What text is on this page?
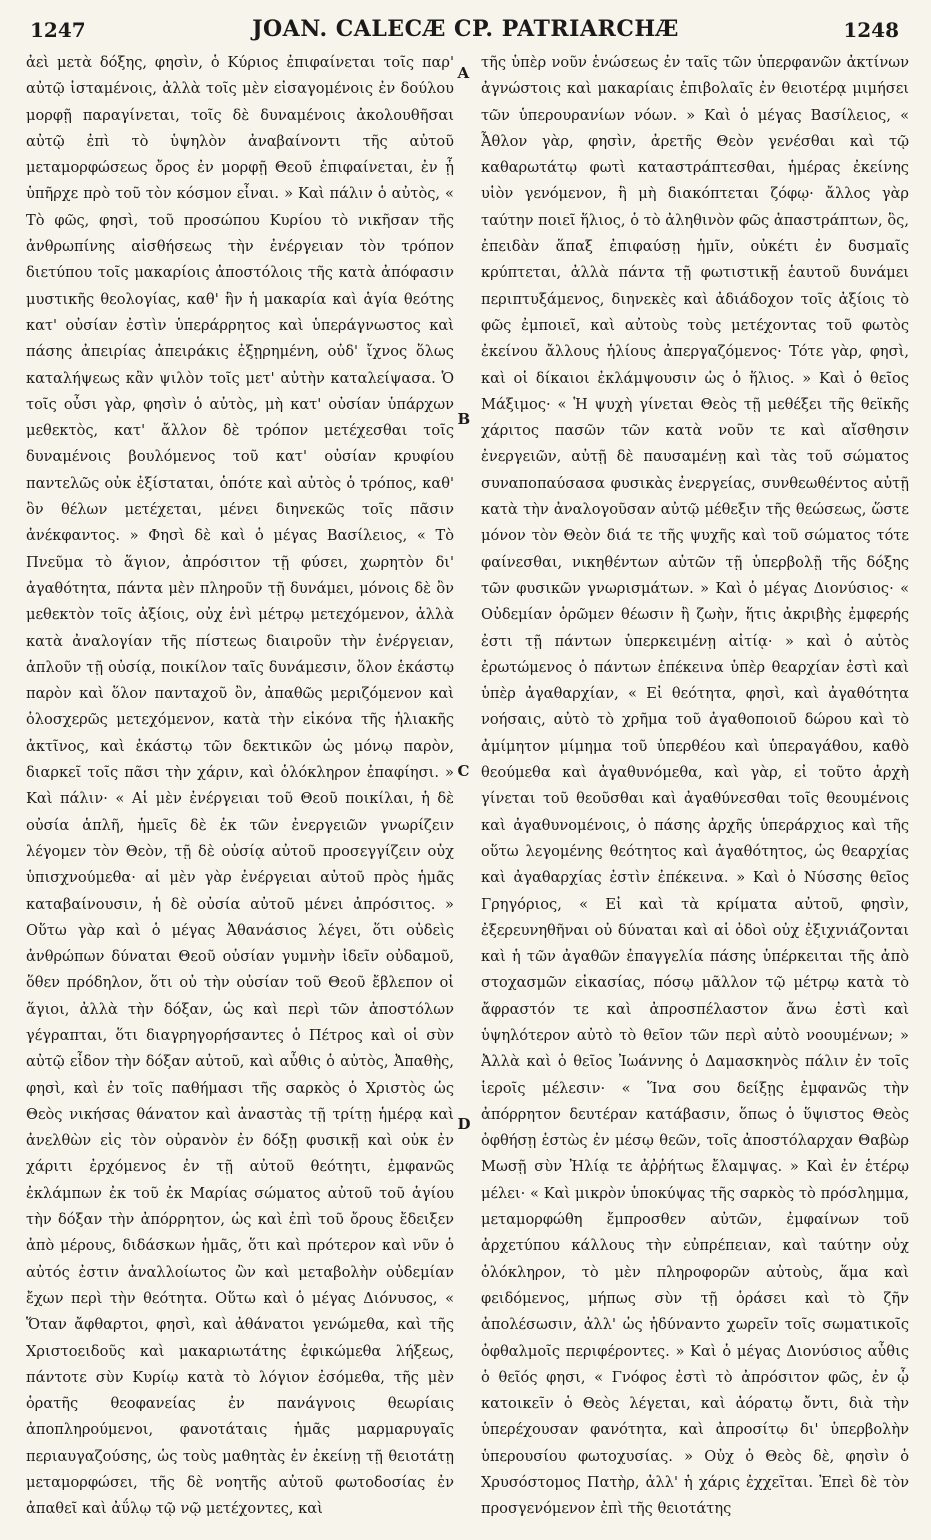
1247	JOAN. CALECÆ CP. PATRIARCHÆ	1248

ἀεὶ μετὰ δόξης, φησὶν, ὁ Κύριος ἐπιφαίνεται τοῖς παρ' αὐτῷ ἱσταμένοις, ἀλλὰ τοῖς μὲν εἰσαγομένοις ἐν δούλου μορφῇ παραγίνεται, τοῖς δὲ δυναμένοις ἀκολουθῆσαι αὐτῷ ἐπὶ τὸ ὑψηλὸν ἀναβαίνοντι τῆς αὐτοῦ μεταμορφώσεως ὄρος ἐν μορφῇ Θεοῦ ἐπιφαίνεται, ἐν ᾗ ὑπῆρχε πρὸ τοῦ τὸν κόσμον εἶναι. » Καὶ πάλιν ὁ αὐτὸς, « Τὸ φῶς, φησὶ, τοῦ προσώπου Κυρίου τὸ νικῆσαν τῆς ἀνθρωπίνης αἰσθήσεως τὴν ἐνέργειαν τὸν τρόπον διετύπου τοῖς μακαρίοις ἀποστόλοις τῆς κατὰ ἀπόφασιν μυστικῆς θεολογίας, καθ' ἣν ἡ μακαρία καὶ ἁγία θεότης κατ' οὐσίαν ἐστὶν ὑπεράρρητος καὶ ὑπεράγνωστος καὶ πάσης ἀπειρίας ἀπειράκις ἐξῃρημένη, οὐδ' ἴχνος ὅλως καταλήψεως κἂν ψιλὸν τοῖς μετ' αὐτὴν καταλείψασα. Ὁ τοῖς οὖσι γὰρ, φησὶν ὁ αὐτὸς, μὴ κατ' οὐσίαν ὑπάρχων μεθεκτὸς, κατ' ἄλλον δὲ τρόπον μετέχεσθαι τοῖς δυναμένοις βουλόμενος τοῦ κατ' οὐσίαν κρυφίου παντελῶς οὐκ ἐξίσταται, ὁπότε καὶ αὐτὸς ὁ τρόπος, καθ' ὃν θέλων μετέχεται, μένει διηνεκῶς τοῖς πᾶσιν ἀνέκφαντος. » Φησὶ δὲ καὶ ὁ μέγας Βασίλειος, « Τὸ Πνεῦμα τὸ ἅγιον, ἀπρόσιτον τῇ φύσει, χωρητὸν δι' ἀγαθότητα, πάντα μὲν πληροῦν τῇ δυνάμει, μόνοις δὲ ὂν μεθεκτὸν τοῖς ἀξίοις, οὐχ ἑνὶ μέτρῳ μετεχόμενον, ἀλλὰ κατὰ ἀναλογίαν τῆς πίστεως διαιροῦν τὴν ἐνέργειαν, ἁπλοῦν τῇ οὐσίᾳ, ποικίλον ταῖς δυνάμεσιν, ὅλον ἑκάστῳ παρὸν καὶ ὅλον πανταχοῦ ὂν, ἀπαθῶς μεριζόμενον καὶ ὁλοσχερῶς μετεχόμενον, κατὰ τὴν εἰκόνα τῆς ἡλιακῆς ἀκτῖνος, καὶ ἑκάστῳ τῶν δεκτικῶν ὡς μόνῳ παρὸν, διαρκεῖ τοῖς πᾶσι τὴν χάριν, καὶ ὁλόκληρον ἐπαφίησι. » Καὶ πάλιν· « Αἱ μὲν ἐνέργειαι τοῦ Θεοῦ ποικίλαι, ἡ δὲ οὐσία ἁπλῆ, ἡμεῖς δὲ ἐκ τῶν ἐνεργειῶν γνωρίζειν λέγομεν τὸν Θεὸν, τῇ δὲ οὐσίᾳ αὐτοῦ προσεγγίζειν οὐχ ὑπισχνούμεθα· αἱ μὲν γὰρ ἐνέργειαι αὐτοῦ πρὸς ἡμᾶς καταβαίνουσιν, ἡ δὲ οὐσία αὐτοῦ μένει ἀπρόσιτος. » Οὕτω γὰρ καὶ ὁ μέγας Ἀθανάσιος λέγει, ὅτι οὐδεὶς ἀνθρώπων δύναται Θεοῦ οὐσίαν γυμνὴν ἰδεῖν οὐδαμοῦ, ὅθεν πρόδηλον, ὅτι οὐ τὴν οὐσίαν τοῦ Θεοῦ ἔβλεπον οἱ ἅγιοι, ἀλλὰ τὴν δόξαν, ὡς καὶ περὶ τῶν ἀποστόλων γέγραπται, ὅτι διαγρηγορήσαντες ὁ Πέτρος καὶ οἱ σὺν αὐτῷ εἶδον τὴν δόξαν αὐτοῦ, καὶ αὖθις ὁ αὐτὸς, Ἀπαθὴς, φησὶ, καὶ ἐν τοῖς παθήμασι τῆς σαρκὸς ὁ Χριστὸς ὡς Θεὸς νικήσας θάνατον καὶ ἀναστὰς τῇ τρίτῃ ἡμέρᾳ καὶ ἀνελθὼν εἰς τὸν οὐρανὸν ἐν δόξῃ φυσικῇ καὶ οὐκ ἐν χάριτι ἐρχόμενος ἐν τῇ αὐτοῦ θεότητι, ἐμφανῶς ἐκλάμπων ἐκ τοῦ ἐκ Μαρίας σώματος αὐτοῦ τοῦ ἁγίου τὴν δόξαν τὴν ἀπόρρητον, ὡς καὶ ἐπὶ τοῦ ὄρους ἔδειξεν ἀπὸ μέρους, διδάσκων ἡμᾶς, ὅτι καὶ πρότερον καὶ νῦν ὁ αὐτός ἐστιν ἀναλλοίωτος ὢν καὶ μεταβολὴν οὐδεμίαν ἔχων περὶ τὴν θεότητα. Οὕτω καὶ ὁ μέγας Διόνυσος, « Ὅταν ἄφθαρτοι, φησὶ, καὶ ἀθάνατοι γενώμεθα, καὶ τῆς Χριστοειδοῦς καὶ μακαριωτάτης ἐφικώμεθα λήξεως, πάντοτε σὺν Κυρίῳ κατὰ τὸ λόγιον ἐσόμεθα, τῆς μὲν ὁρατῆς θεοφανείας ἐν πανάγνοις θεωρίαις ἀποπληρούμενοι, φανοτάταις ἡμᾶς μαρμαρυγαῖς περιαυγαζούσης, ὡς τοὺς μαθητὰς ἐν ἐκείνῃ τῇ θειοτάτῃ μεταμορφώσει, τῆς δὲ νοητῆς αὐτοῦ φωτοδοσίας ἐν ἀπαθεῖ καὶ ἀΰλῳ τῷ νῷ μετέχοντες, καὶ

A
B
C
D

τῆς ὑπὲρ νοῦν ἑνώσεως ἐν ταῖς τῶν ὑπερφανῶν ἀκτίνων ἀγνώστοις καὶ μακαρίαις ἐπιβολαῖς ἐν θειοτέρᾳ μιμήσει τῶν ὑπερουρανίων νόων. » Καὶ ὁ μέγας Βασίλειος, « Ἆθλον γὰρ, φησὶν, ἀρετῆς Θεὸν γενέσθαι καὶ τῷ καθαρωτάτῳ φωτὶ καταστράπτεσθαι, ἡμέρας ἐκείνης υἱὸν γενόμενον, ἣ μὴ διακόπτεται ζόφῳ· ἄλλος γὰρ ταύτην ποιεῖ ἥλιος, ὁ τὸ ἀληθινὸν φῶς ἀπαστράπτων, ὃς, ἐπειδὰν ἅπαξ ἐπιφαύσῃ ἡμῖν, οὐκέτι ἐν δυσμαῖς κρύπτεται, ἀλλὰ πάντα τῇ φωτιστικῇ ἑαυτοῦ δυνάμει περιπτυξάμενος, διηνεκὲς καὶ ἀδιάδοχον τοῖς ἀξίοις τὸ φῶς ἐμποιεῖ, καὶ αὐτοὺς τοὺς μετέχοντας τοῦ φωτὸς ἐκείνου ἄλλους ἡλίους ἀπεργαζόμενος· Τότε γὰρ, φησὶ, καὶ οἱ δίκαιοι ἐκλάμψουσιν ὡς ὁ ἥλιος. » Καὶ ὁ θεῖος Μάξιμος· « Ἡ ψυχὴ γίνεται Θεὸς τῇ μεθέξει τῆς θεϊκῆς χάριτος πασῶν τῶν κατὰ νοῦν τε καὶ αἴσθησιν ἐνεργειῶν, αὐτῇ δὲ παυσαμένῃ καὶ τὰς τοῦ σώματος συναποπαύσασα φυσικὰς ἐνεργείας, συνθεωθέντος αὐτῇ κατὰ τὴν ἀναλογοῦσαν αὐτῷ μέθεξιν τῆς θεώσεως, ὥστε μόνον τὸν Θεὸν διά τε τῆς ψυχῆς καὶ τοῦ σώματος τότε φαίνεσθαι, νικηθέντων αὐτῶν τῇ ὑπερβολῇ τῆς δόξης τῶν φυσικῶν γνωρισμάτων. » Καὶ ὁ μέγας Διονύσιος· « Οὐδεμίαν ὁρῶμεν θέωσιν ἢ ζωὴν, ἥτις ἀκριβὴς ἐμφερής ἐστι τῇ πάντων ὑπερκειμένῃ αἰτίᾳ· » καὶ ὁ αὐτὸς ἐρωτώμενος ὁ πάντων ἐπέκεινα ὑπὲρ θεαρχίαν ἐστὶ καὶ ὑπὲρ ἀγαθαρχίαν, « Εἰ θεότητα, φησὶ, καὶ ἀγαθότητα νοήσαις, αὐτὸ τὸ χρῆμα τοῦ ἀγαθοποιοῦ δώρου καὶ τὸ ἀμίμητον μίμημα τοῦ ὑπερθέου καὶ ὑπεραγάθου, καθὸ θεούμεθα καὶ ἀγαθυνόμεθα, καὶ γὰρ, εἰ τοῦτο ἀρχὴ γίνεται τοῦ θεοῦσθαι καὶ ἀγαθύνεσθαι τοῖς θεουμένοις καὶ ἀγαθυνομένοις, ὁ πάσης ἀρχῆς ὑπεράρχιος καὶ τῆς οὕτω λεγομένης θεότητος καὶ ἀγαθότητος, ὡς θεαρχίας καὶ ἀγαθαρχίας ἐστὶν ἐπέκεινα. » Καὶ ὁ Νύσσης θεῖος Γρηγόριος, « Εἰ καὶ τὰ κρίματα αὐτοῦ, φησὶν, ἐξερευνηθῆναι οὐ δύναται καὶ αἱ ὁδοὶ οὐχ ἐξιχνιάζονται καὶ ἡ τῶν ἀγαθῶν ἐπαγγελία πάσης ὑπέρκειται τῆς ἀπὸ στοχασμῶν εἰκασίας, πόσῳ μᾶλλον τῷ μέτρῳ κατὰ τὸ ἄφραστόν τε καὶ ἀπροσπέλαστον ἄνω ἐστὶ καὶ ὑψηλότερον αὐτὸ τὸ θεῖον τῶν περὶ αὐτὸ νοουμένων; » Ἀλλὰ καὶ ὁ θεῖος Ἰωάννης ὁ Δαμασκηνὸς πάλιν ἐν τοῖς ἱεροῖς μέλεσιν· « Ἵνα σου δείξῃς ἐμφανῶς τὴν ἀπόρρητον δευτέραν κατάβασιν, ὅπως ὁ ὕψιστος Θεὸς ὀφθήσῃ ἑστὼς ἐν μέσῳ θεῶν, τοῖς ἀποστόλαρχαν Θαβὼρ Μωσῇ σὺν Ἠλίᾳ τε ἀῤῥήτως ἔλαμψας. » Καὶ ἐν ἑτέρῳ μέλει· « Καὶ μικρὸν ὑποκύψας τῆς σαρκὸς τὸ πρόσλημμα, μεταμορφώθη ἔμπροσθεν αὐτῶν, ἐμφαίνων τοῦ ἀρχετύπου κάλλους τὴν εὐπρέπειαν, καὶ ταύτην οὐχ ὁλόκληρον, τὸ μὲν πληροφορῶν αὐτοὺς, ἅμα καὶ φειδόμενος, μήπως σὺν τῇ ὁράσει καὶ τὸ ζῆν ἀπολέσωσιν, ἀλλ' ὡς ἠδύναντο χωρεῖν τοῖς σωματικοῖς ὀφθαλμοῖς περιφέροντες. » Καὶ ὁ μέγας Διονύσιος αὖθις ὁ θεῖός φησι, « Γνόφος ἐστὶ τὸ ἀπρόσιτον φῶς, ἐν ᾧ κατοικεῖν ὁ Θεὸς λέγεται, καὶ ἀόρατῳ ὄντι, διὰ τὴν ὑπερέχουσαν φανότητα, καὶ ἀπροσίτῳ δι' ὑπερβολὴν ὑπερουσίου φωτοχυσίας. » Οὐχ ὁ Θεὸς δὲ, φησὶν ὁ Χρυσόστομος Πατὴρ, ἀλλ' ἡ χάρις ἐχχεῖται. Ἐπεὶ δὲ τὸν προσγενόμενον ἐπὶ τῆς θειοτάτης
